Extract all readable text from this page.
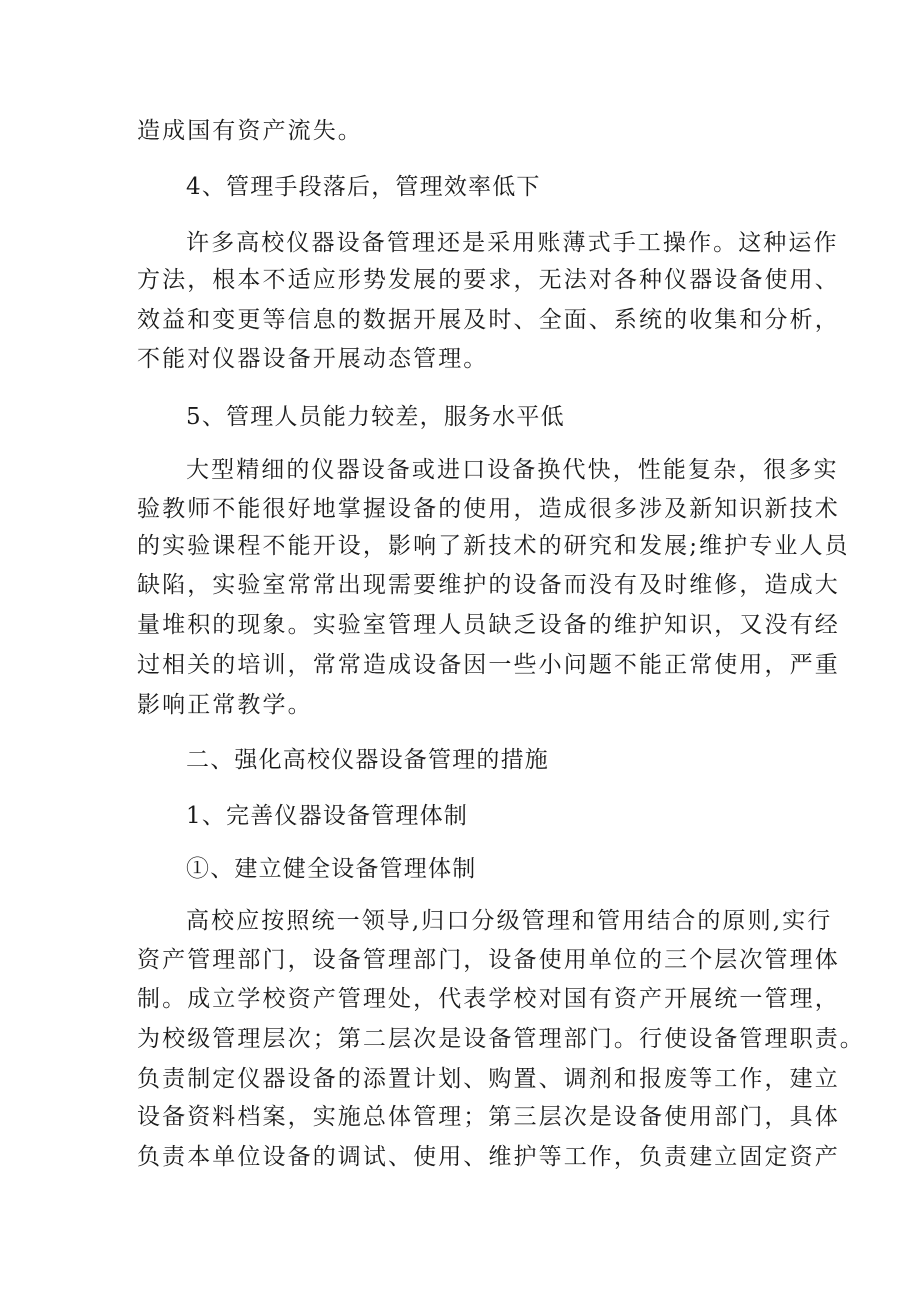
造成国有资产流失。
4、管理手段落后，管理效率低下
许多高校仪器设备管理还是采用账薄式手工操作。这种运作
方法，根本不适应形势发展的要求，无法对各种仪器设备使用、
效益和变更等信息的数据开展及时、全面、系统的收集和分析，
不能对仪器设备开展动态管理。
5、管理人员能力较差，服务水平低
大型精细的仪器设备或进口设备换代快，性能复杂，很多实
验教师不能很好地掌握设备的使用，造成很多涉及新知识新技术
的实验课程不能开设，影响了新技术的研究和发展;维护专业人员
缺陷，实验室常常出现需要维护的设备而没有及时维修，造成大
量堆积的现象。实验室管理人员缺乏设备的维护知识，又没有经
过相关的培训，常常造成设备因一些小问题不能正常使用，严重
影响正常教学。
二、强化高校仪器设备管理的措施
1、完善仪器设备管理体制
①、建立健全设备管理体制
高校应按照统一领导,归口分级管理和管用结合的原则,实行
资产管理部门，设备管理部门，设备使用单位的三个层次管理体
制。成立学校资产管理处，代表学校对国有资产开展统一管理，
为校级管理层次；第二层次是设备管理部门。行使设备管理职责。
负责制定仪器设备的添置计划、购置、调剂和报废等工作，建立
设备资料档案，实施总体管理；第三层次是设备使用部门，具体
负责本单位设备的调试、使用、维护等工作，负责建立固定资产
